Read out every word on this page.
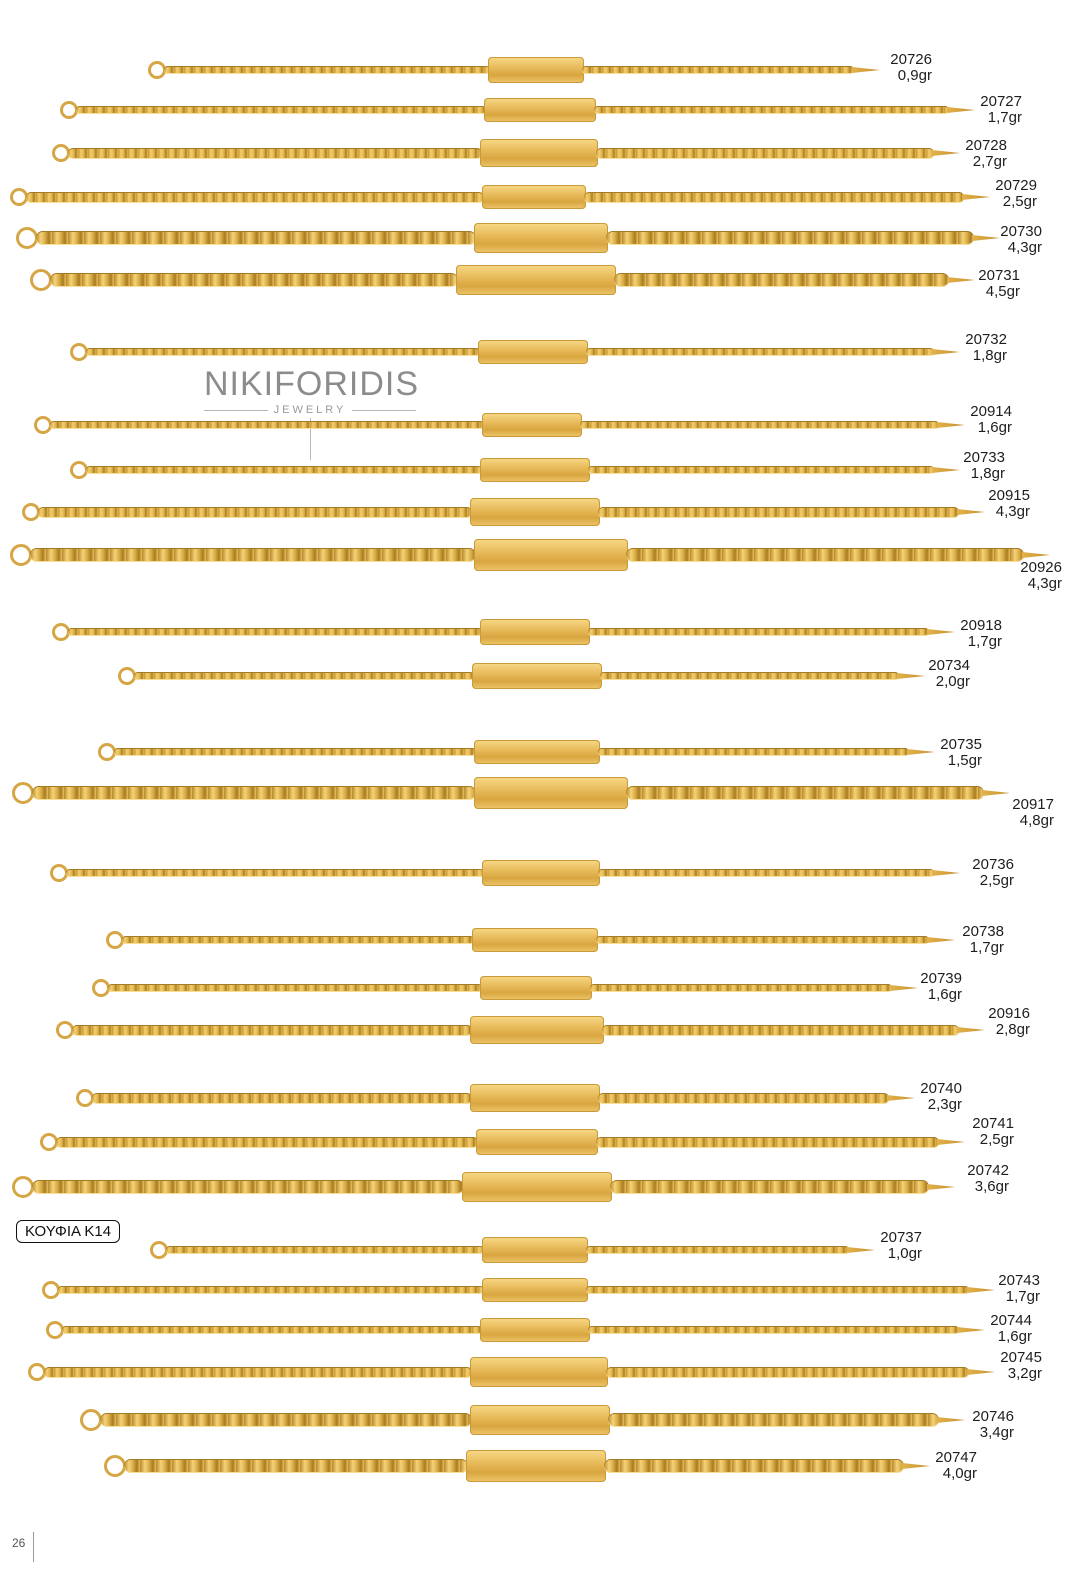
NIKIFORIDIS
JEWELRY
ΚΟΥΦΙΑ Κ14
20726
0,9gr
20727
1,7gr
20728
2,7gr
20729
2,5gr
20730
4,3gr
20731
4,5gr
20732
1,8gr
20914
1,6gr
20733
1,8gr
20915
4,3gr
20926
4,3gr
20918
1,7gr
20734
2,0gr
20735
1,5gr
20917
4,8gr
20736
2,5gr
20738
1,7gr
20739
1,6gr
20916
2,8gr
20740
2,3gr
20741
2,5gr
20742
3,6gr
20737
1,0gr
20743
1,7gr
20744
1,6gr
20745
3,2gr
20746
3,4gr
20747
4,0gr
26
